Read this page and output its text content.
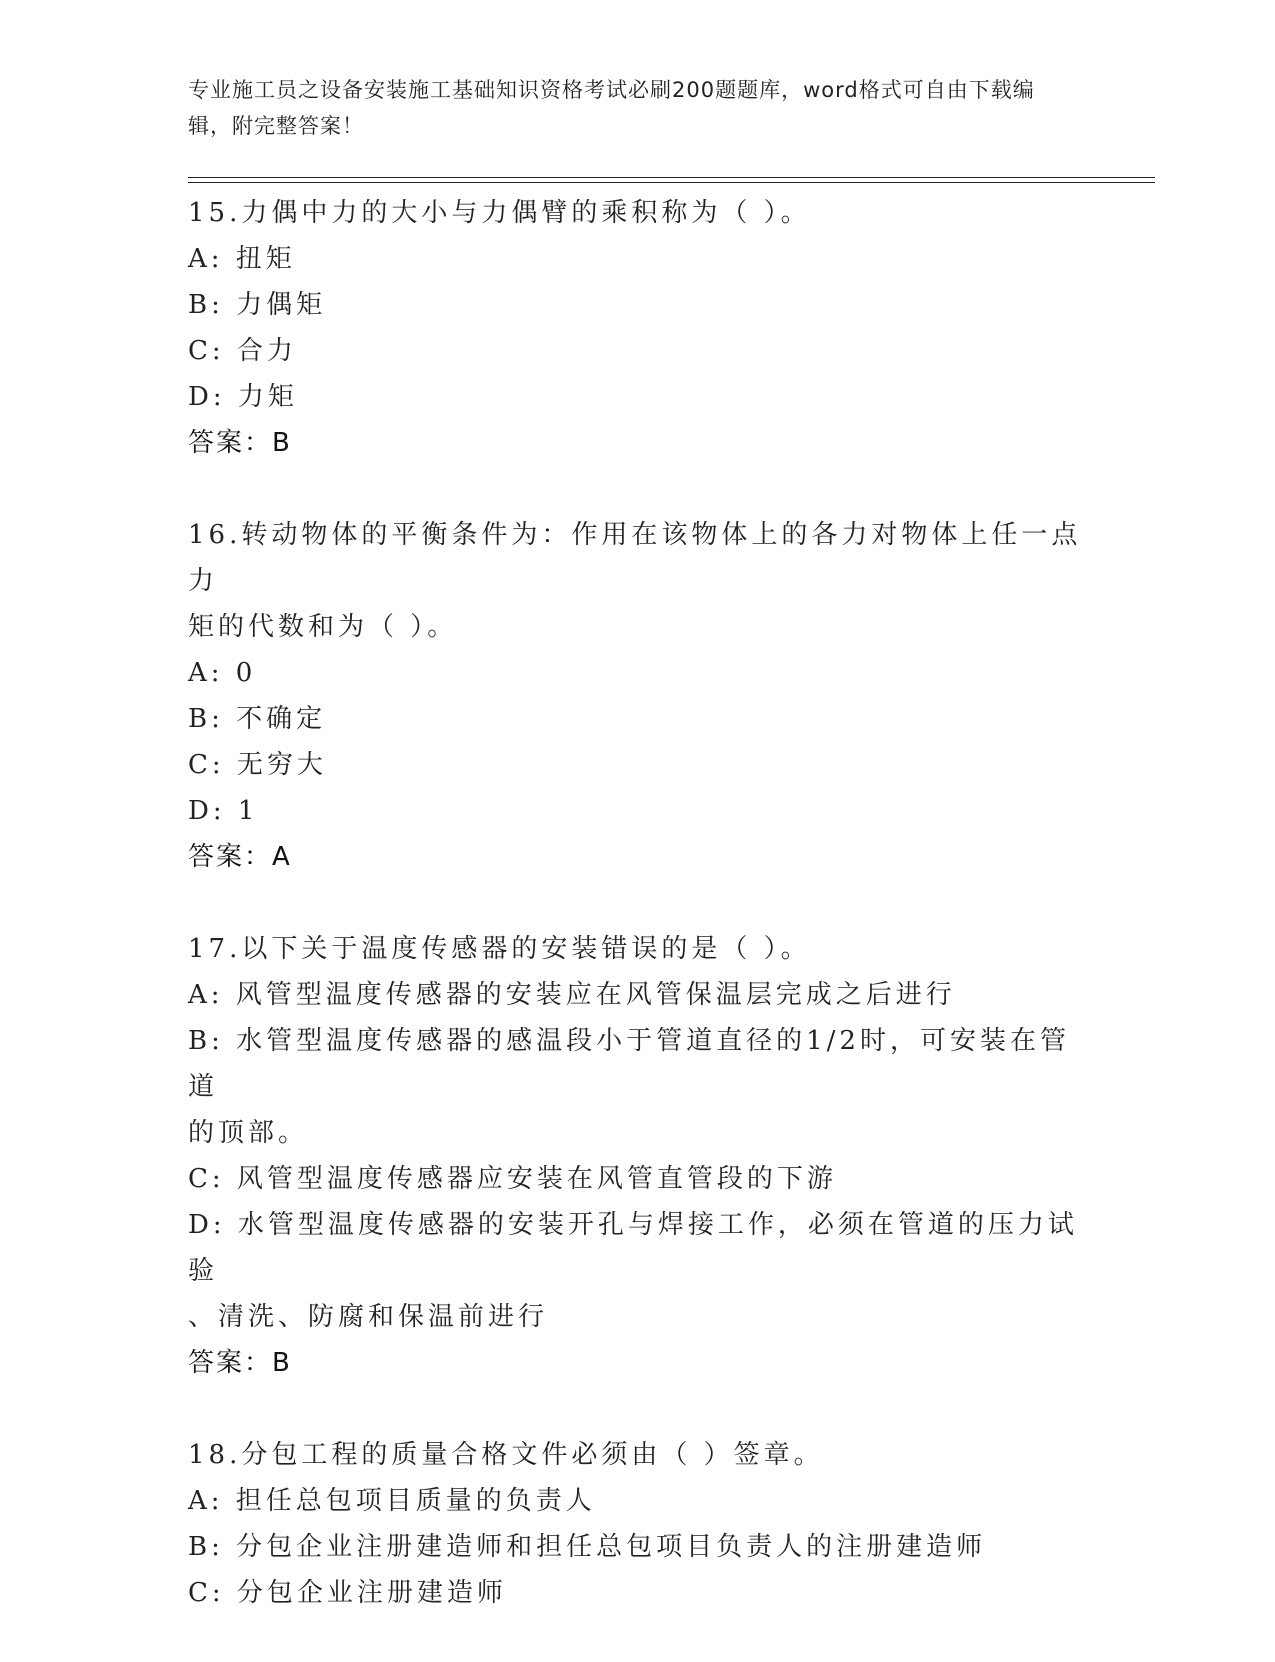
专业施工员之设备安装施工基础知识资格考试必刷200题题库，word格式可自由下载编辑，附完整答案！
15.力偶中力的大小与力偶臂的乘积称为（ ）。
A: 扭矩
B: 力偶矩
C: 合力
D: 力矩
答案：B
16.转动物体的平衡条件为：作用在该物体上的各力对物体上任一点力
矩的代数和为（ ）。
A: 0
B: 不确定
C: 无穷大
D: 1
答案：A
17.以下关于温度传感器的安装错误的是（ ）。
A: 风管型温度传感器的安装应在风管保温层完成之后进行
B: 水管型温度传感器的感温段小于管道直径的1/2时，可安装在管道
的顶部。
C: 风管型温度传感器应安装在风管直管段的下游
D: 水管型温度传感器的安装开孔与焊接工作，必须在管道的压力试验
、清洗、防腐和保温前进行
答案：B
18.分包工程的质量合格文件必须由（ ）签章。
A: 担任总包项目质量的负责人
B: 分包企业注册建造师和担任总包项目负责人的注册建造师
C: 分包企业注册建造师
